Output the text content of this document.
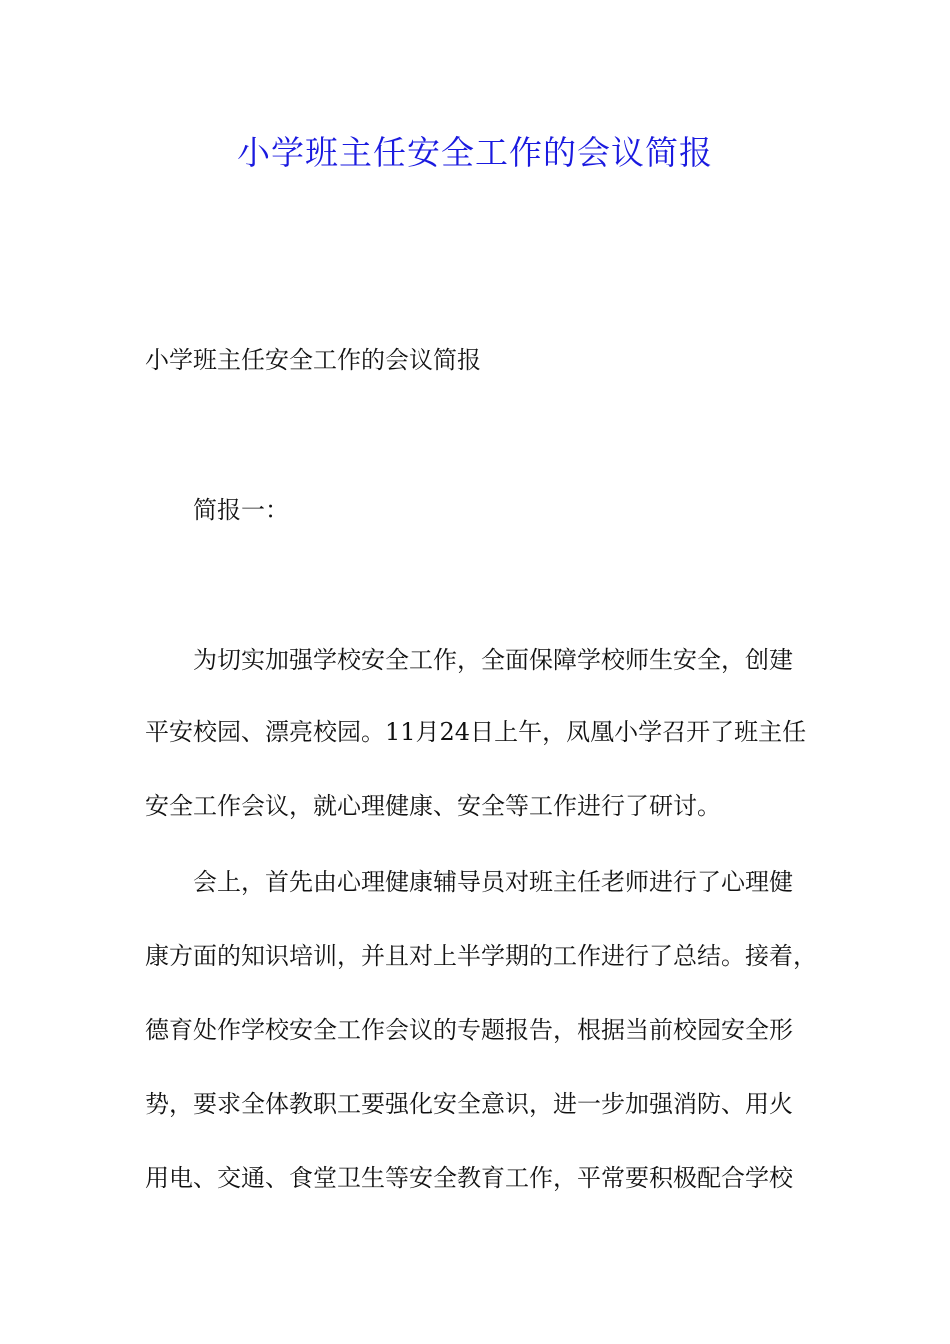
小学班主任安全工作的会议简报

小学班主任安全工作的会议简报

简报一：

为切实加强学校安全工作，全面保障学校师生安全，创建

平安校园、漂亮校园。11月24日上午，凤凰小学召开了班主任

安全工作会议，就心理健康、安全等工作进行了研讨。

会上，首先由心理健康辅导员对班主任老师进行了心理健

康方面的知识培训，并且对上半学期的工作进行了总结。接着，

德育处作学校安全工作会议的专题报告，根据当前校园安全形

势，要求全体教职工要强化安全意识，进一步加强消防、用火

用电、交通、食堂卫生等安全教育工作，平常要积极配合学校
